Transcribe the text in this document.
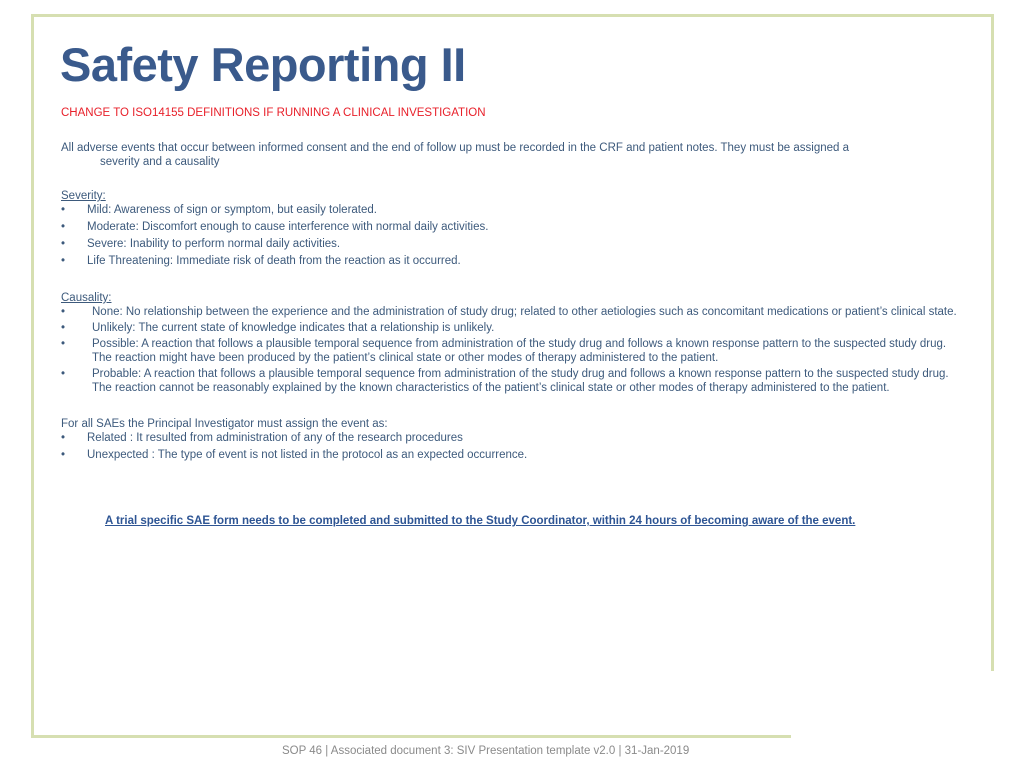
Safety Reporting II
CHANGE TO ISO14155 DEFINITIONS IF RUNNING A CLINICAL INVESTIGATION

All adverse events that occur between informed consent and the end of follow up must be recorded in the CRF and patient notes. They must be assigned a

severity and a causality

Severity:

• Mild: Awareness of sign or symptom, but easily tolerated.
• Moderate: Discomfort enough to cause interference with normal daily activities.
• Severe: Inability to perform normal daily activities.
• Life Threatening: Immediate risk of death from the reaction as it occurred.

Causality:

• None: No relationship between the experience and the administration of study drug; related to other aetiologies such as concomitant medications or patient’s clinical state.
• Unlikely: The current state of knowledge indicates that a relationship is unlikely.
• Possible: A reaction that follows a plausible temporal sequence from administration of the study drug and follows a known response pattern to the suspected study drug. The reaction might have been produced by the patient’s clinical state or other modes of therapy administered to the patient.
• Probable: A reaction that follows a plausible temporal sequence from administration of the study drug and follows a known response pattern to the suspected study drug. The reaction cannot be reasonably explained by the known characteristics of the patient’s clinical state or other modes of therapy administered to the patient.

For all SAEs the Principal Investigator must assign the event as:

• Related : It resulted from administration of any of the research procedures
• Unexpected : The type of event is not listed in the protocol as an expected occurrence.
A trial specific SAE form needs to be completed and submitted to the Study Coordinator, within 24 hours of becoming aware of the event.
SOP 46 | Associated document 3: SIV Presentation template v2.0 | 31-Jan-2019
